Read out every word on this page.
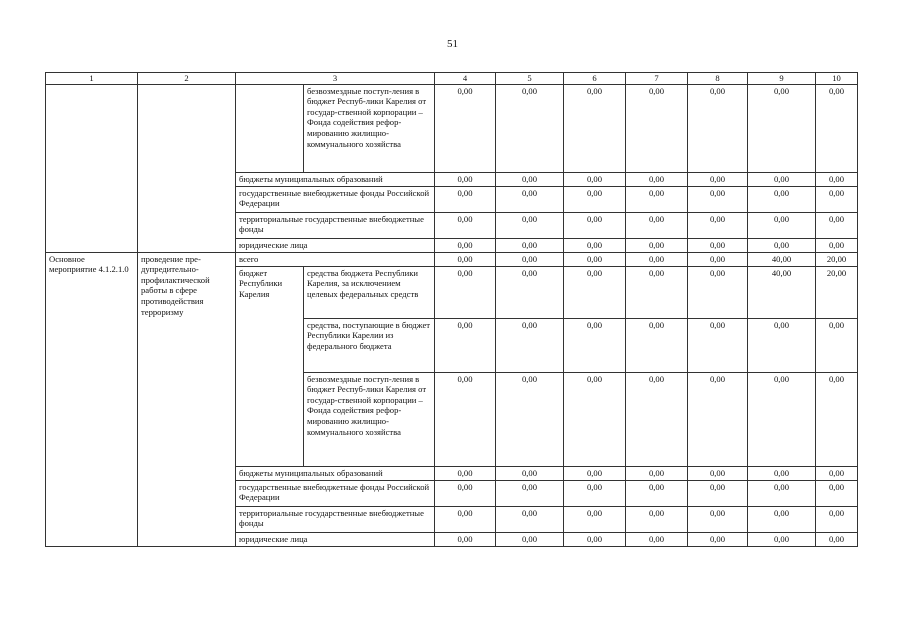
51
1	2	3		4	5	6	7	8	9	10
			безвозмездные поступ-ления в бюджет Респуб-лики Карелия от государ-ственной корпорации – Фонда содействия рефор-мированию жилищно-коммунального хозяйства	0,00	0,00	0,00	0,00	0,00	0,00	0,00
		бюджеты муниципальных образований		0,00	0,00	0,00	0,00	0,00	0,00	0,00
		государственные внебюджетные фонды Российской Федерации		0,00	0,00	0,00	0,00	0,00	0,00	0,00
		территориальные государственные внебюджетные фонды		0,00	0,00	0,00	0,00	0,00	0,00	0,00
		юридические лица		0,00	0,00	0,00	0,00	0,00	0,00	0,00
Основное мероприятие 4.1.2.1.0	проведение пре-дупредительно-профилактической работы в сфере противодействия терроризму	всего		0,00	0,00	0,00	0,00	0,00	40,00	20,00
		бюджет Республики Карелия	средства бюджета Республики Карелия, за исключением целевых федеральных средств	0,00	0,00	0,00	0,00	0,00	40,00	20,00
			средства, поступающие в бюджет Республики Карелии из федерального бюджета	0,00	0,00	0,00	0,00	0,00	0,00	0,00
			безвозмездные поступ-ления в бюджет Респуб-лики Карелия от государ-ственной корпорации – Фонда содействия рефор-мированию жилищно-коммунального хозяйства	0,00	0,00	0,00	0,00	0,00	0,00	0,00
		бюджеты муниципальных образований		0,00	0,00	0,00	0,00	0,00	0,00	0,00
		государственные внебюджетные фонды Российской Федерации		0,00	0,00	0,00	0,00	0,00	0,00	0,00
		территориальные государственные внебюджетные фонды		0,00	0,00	0,00	0,00	0,00	0,00	0,00
		юридические лица		0,00	0,00	0,00	0,00	0,00	0,00	0,00
